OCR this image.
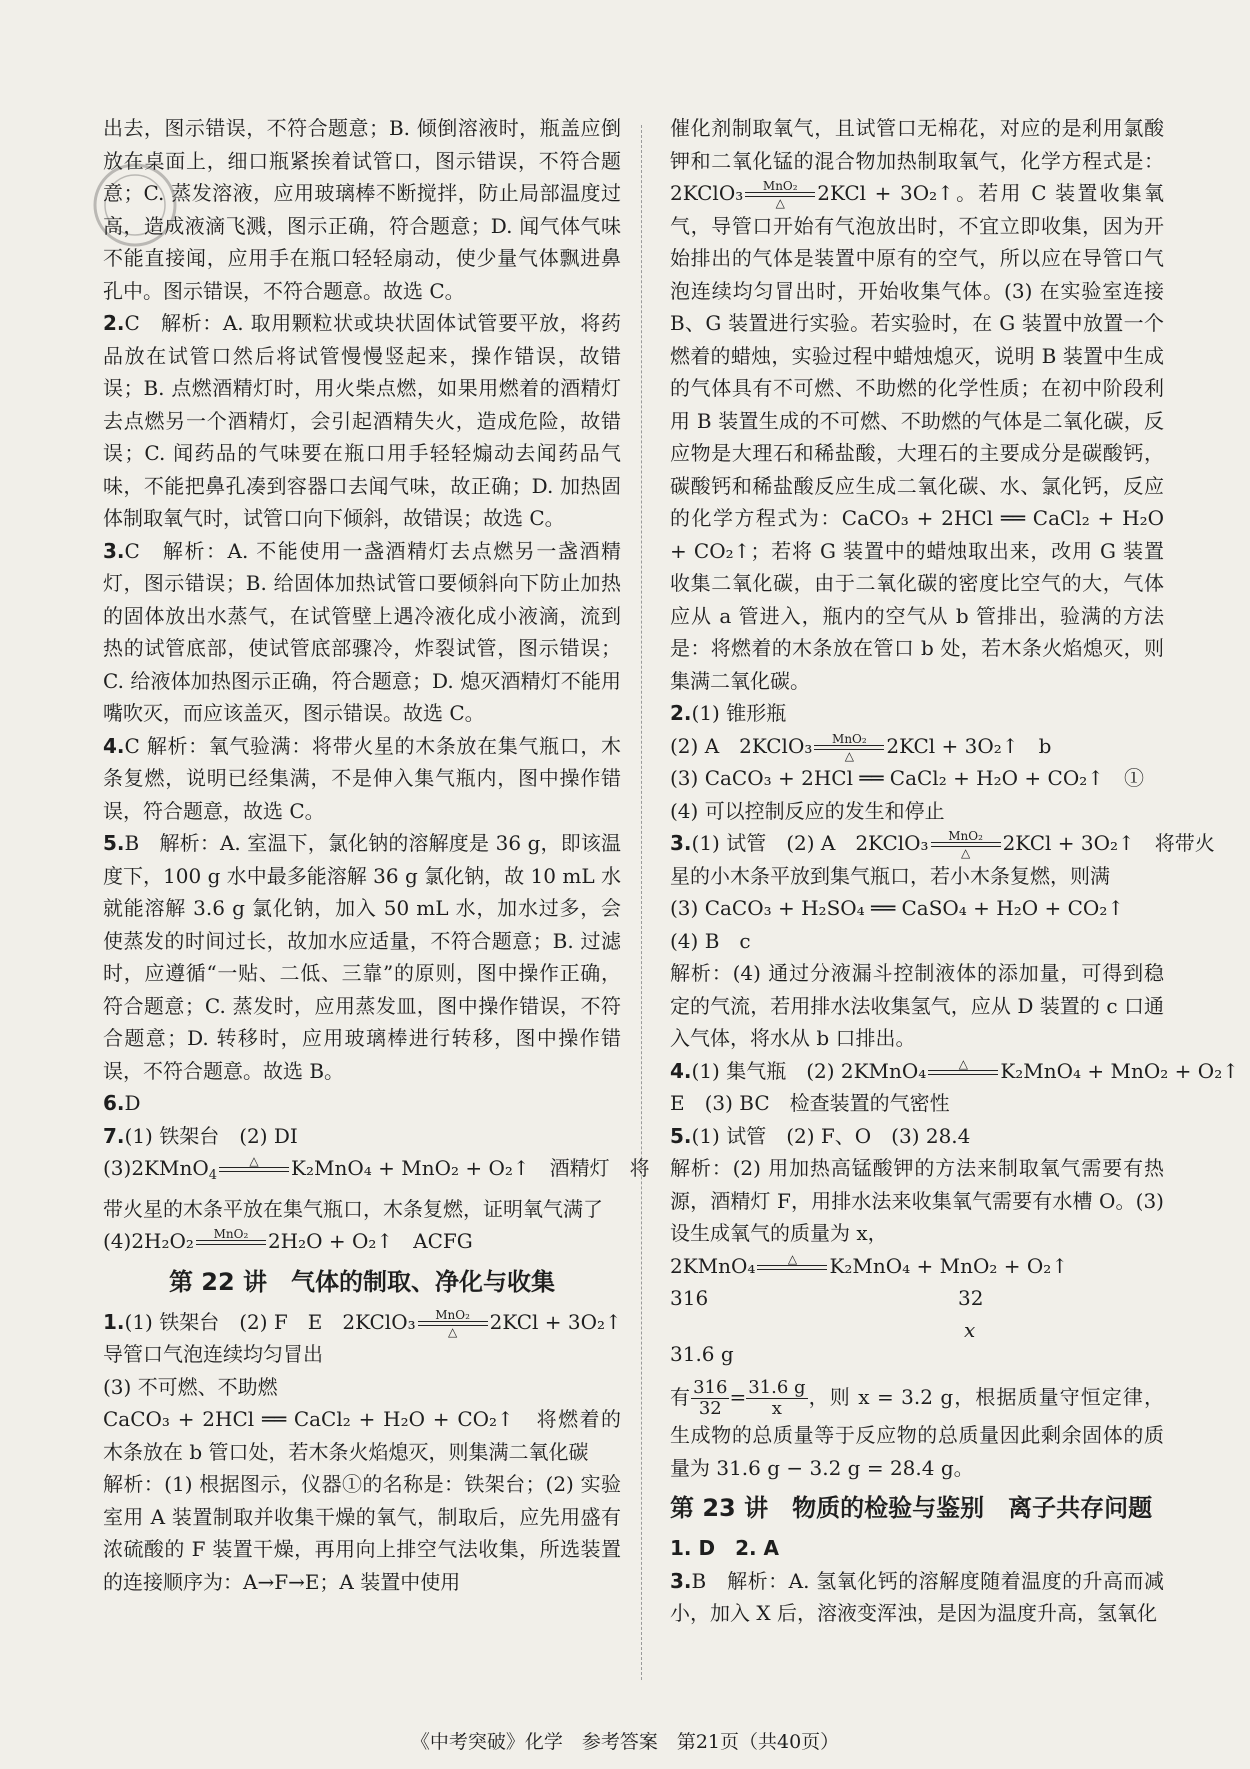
出去，图示错误，不符合题意；B. 倾倒溶液时，瓶盖应倒放在桌面上，细口瓶紧挨着试管口，图示错误，不符合题意；C. 蒸发溶液，应用玻璃棒不断搅拌，防止局部温度过高，造成液滴飞溅，图示正确，符合题意；D. 闻气体气味不能直接闻，应用手在瓶口轻轻扇动，使少量气体飘进鼻孔中。图示错误，不符合题意。故选 C。

2.C　解析：A. 取用颗粒状或块状固体试管要平放，将药品放在试管口然后将试管慢慢竖起来，操作错误，故错误；B. 点燃酒精灯时，用火柴点燃，如果用燃着的酒精灯去点燃另一个酒精灯，会引起酒精失火，造成危险，故错误；C. 闻药品的气味要在瓶口用手轻轻煽动去闻药品气味，不能把鼻孔凑到容器口去闻气味，故正确；D. 加热固体制取氧气时，试管口向下倾斜，故错误；故选 C。

3.C　解析：A. 不能使用一盏酒精灯去点燃另一盏酒精灯，图示错误；B. 给固体加热试管口要倾斜向下防止加热的固体放出水蒸气，在试管壁上遇冷液化成小液滴，流到热的试管底部，使试管底部骤冷，炸裂试管，图示错误；C. 给液体加热图示正确，符合题意；D. 熄灭酒精灯不能用嘴吹灭，而应该盖灭，图示错误。故选 C。

4.C 解析：氧气验满：将带火星的木条放在集气瓶口，木条复燃，说明已经集满，不是伸入集气瓶内，图中操作错误，符合题意，故选 C。

5.B　解析：A. 室温下，氯化钠的溶解度是 36 g，即该温度下，100 g 水中最多能溶解 36 g 氯化钠，故 10 mL 水就能溶解 3.6 g 氯化钠，加入 50 mL 水，加水过多，会使蒸发的时间过长，故加水应适量，不符合题意；B. 过滤时，应遵循“一贴、二低、三靠”的原则，图中操作正确，符合题意；C. 蒸发时，应用蒸发皿，图中操作错误，不符合题意；D. 转移时，应用玻璃棒进行转移，图中操作错误，不符合题意。故选 B。

6.D

7.(1) 铁架台　(2) DI

(3)2KMnO$_4$
△
	K₂MnO₄ + MnO₂ + O₂↑　酒精灯　将

带火星的木条平放在集气瓶口，木条复燃，证明氧气满了

(4)2H₂O₂	MnO₂
2H₂O + O₂↑　ACFG

第 22 讲　气体的制取、净化与收集

1.(1) 铁架台　(2) F　E　2KClO₃	MnO₂
△	2KCl + 3O₂↑

导管口气泡连续均匀冒出

(3) 不可燃、不助燃

CaCO₃ + 2HCl ══ CaCl₂ + H₂O + CO₂↑　将燃着的木条放在 b 管口处，若木条火焰熄灭，则集满二氧化碳

解析：(1) 根据图示，仪器①的名称是：铁架台；(2) 实验室用 A 装置制取并收集干燥的氧气，制取后，应先用盛有浓硫酸的 F 装置干燥，再用向上排空气法收集，所选装置的连接顺序为：A→F→E；A 装置中使用

催化剂制取氧气，且试管口无棉花，对应的是利用氯酸钾和二氧化锰的混合物加热制取氧气，化学方程式是：2KClO₃	MnO₂
△	2KCl + 3O₂↑。若用 C 装置收集氧气，导管口开始有气泡放出时，不宜立即收集，因为开始排出的气体是装置中原有的空气，所以应在导管口气泡连续均匀冒出时，开始收集气体。(3) 在实验室连接 B、G 装置进行实验。若实验时，在 G 装置中放置一个燃着的蜡烛，实验过程中蜡烛熄灭，说明 B 装置中生成的气体具有不可燃、不助燃的化学性质；在初中阶段利用 B 装置生成的不可燃、不助燃的气体是二氧化碳，反应物是大理石和稀盐酸，大理石的主要成分是碳酸钙，碳酸钙和稀盐酸反应生成二氧化碳、水、氯化钙，反应的化学方程式为：CaCO₃ + 2HCl ══ CaCl₂ + H₂O + CO₂↑；若将 G 装置中的蜡烛取出来，改用 G 装置收集二氧化碳，由于二氧化碳的密度比空气的大，气体应从 a 管进入，瓶内的空气从 b 管排出，验满的方法是：将燃着的木条放在管口 b 处，若木条火焰熄灭，则集满二氧化碳。

2.(1) 锥形瓶

(2) A　2KClO₃	MnO₂
△	2KCl + 3O₂↑　b

(3) CaCO₃ + 2HCl ══ CaCl₂ + H₂O + CO₂↑　①

(4) 可以控制反应的发生和停止

3.(1) 试管　(2) A　2KClO₃	MnO₂
△	2KCl + 3O₂↑　将带火

星的小木条平放到集气瓶口，若小木条复燃，则满

(3) CaCO₃ + H₂SO₄ ══ CaSO₄ + H₂O + CO₂↑

(4) B　c

解析：(4) 通过分液漏斗控制液体的添加量，可得到稳定的气流，若用排水法收集氢气，应从 D 装置的 c 口通入气体，将水从 b 口排出。

4.(1) 集气瓶　(2) 2KMnO₄	△
	K₂MnO₄ + MnO₂ + O₂↑

E　(3) BC　检查装置的气密性

5.(1) 试管　(2) F、O　(3) 28.4

解析：(2) 用加热高锰酸钾的方法来制取氧气需要有热源，酒精灯 F，用排水法来收集氧气需要有水槽 O。(3) 设生成氧气的质量为 x，

2KMnO₄	△
	K₂MnO₄ + MnO₂ + O₂↑

316	32
x
31.6 g

有 $\frac{316}{32} = \frac{31.6 g}{x}$ ，则 x = 3.2 g，根据质量守恒定律，生成物的总质量等于反应物的总质量因此剩余固体的质量为 31.6 g − 3.2 g = 28.4 g。

第 23 讲　物质的检验与鉴别　离子共存问题

1. D　2. A

3.B　解析：A. 氢氧化钙的溶解度随着温度的升高而减小，加入 X 后，溶液变浑浊，是因为温度升高，氢氧化

《中考突破》化学　参考答案　第21页（共40页）
